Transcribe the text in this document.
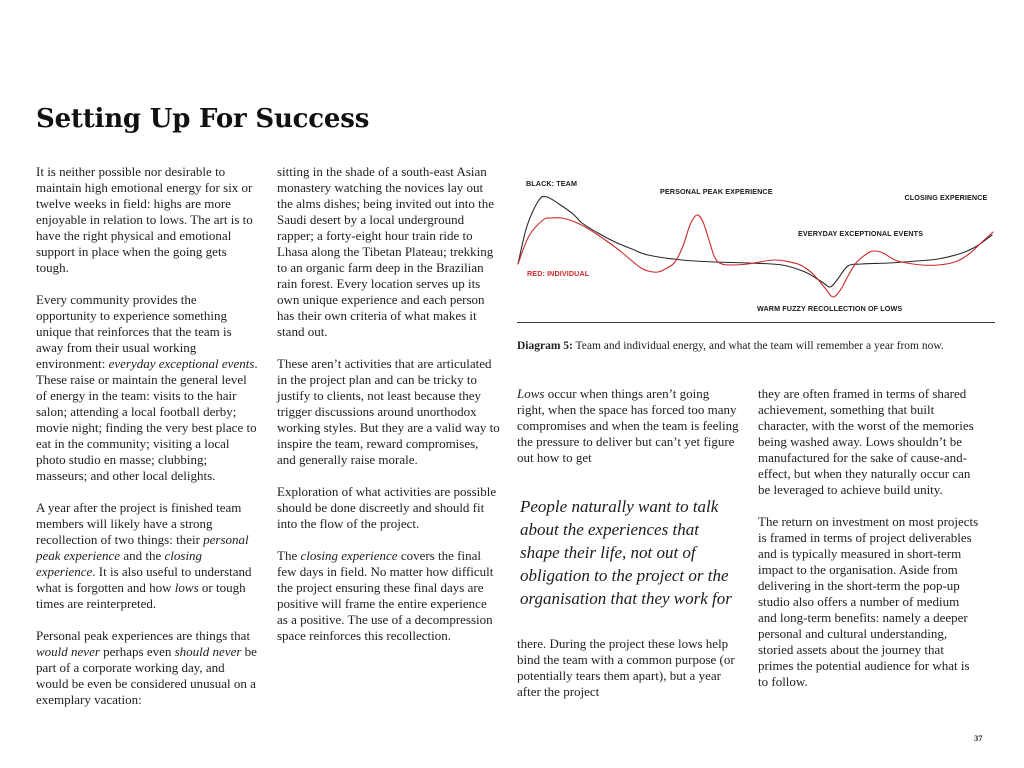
Setting Up For Success

It is neither possible nor desirable to maintain high emotional energy for six or twelve weeks in field: highs are more enjoyable in relation to lows. The art is to have the right physical and emotional support in place when the going gets tough.

Every community provides the opportunity to experience something unique that reinforces that the team is away from their usual working environment: everyday exceptional events. These raise or maintain the general level of energy in the team: visits to the hair salon; attending a local football derby; movie night; finding the very best place to eat in the community; visiting a local photo studio en masse; clubbing; masseurs; and other local delights.

A year after the project is finished team members will likely have a strong recollection of two things: their personal peak experience and the closing experience. It is also useful to understand what is forgotten and how lows or tough times are reinterpreted.

Personal peak experiences are things that would never perhaps even should never be part of a corporate working day, and would be even be considered unusual on a exemplary vacation:

sitting in the shade of a south-east Asian monastery watching the novices lay out the alms dishes; being invited out into the Saudi desert by a local underground rapper; a forty-eight hour train ride to Lhasa along the Tibetan Plateau; trekking to an organic farm deep in the Brazilian rain forest. Every location serves up its own unique experience and each person has their own criteria of what makes it stand out.

These aren’t activities that are articulated in the project plan and can be tricky to justify to clients, not least because they trigger discussions around unorthodox working styles. But they are a valid way to inspire the team, reward compromises, and generally raise morale.

Exploration of what activities are possible should be done discreetly and should fit into the flow of the project.

The closing experience covers the final few days in field. No matter how difficult the project ensuring these final days are positive will frame the entire experience as a positive. The use of a decompression space reinforces this recollection.

BLACK: TEAM
PERSONAL PEAK EXPERIENCE
CLOSING EXPERIENCE
EVERYDAY EXCEPTIONAL EVENTS
RED: INDIVIDUAL
WARM FUZZY RECOLLECTION OF LOWS
Diagram 5: Team and individual energy, and what the team will remember a year from now.

Lows occur when things aren’t going right, when the space has forced too many compromises and when the team is feeling the pressure to deliver but can’t yet figure out how to get

People naturally want to talk about the experiences that shape their life, not out of obligation to the project or the organisation that they work for

there. During the project these lows help bind the team with a common purpose (or potentially tears them apart), but a year after the project

they are often framed in terms of shared achievement, something that built character, with the worst of the memories being washed away. Lows shouldn’t be manufactured for the sake of cause-and-effect, but when they naturally occur can be leveraged to achieve build unity.

The return on investment on most projects is framed in terms of project deliverables and is typically measured in short-term impact to the organisation. Aside from delivering in the short-term the pop-up studio also offers a number of medium and long-term benefits: namely a deeper personal and cultural understanding, storied assets about the journey that primes the potential audience for what is to follow.

37
